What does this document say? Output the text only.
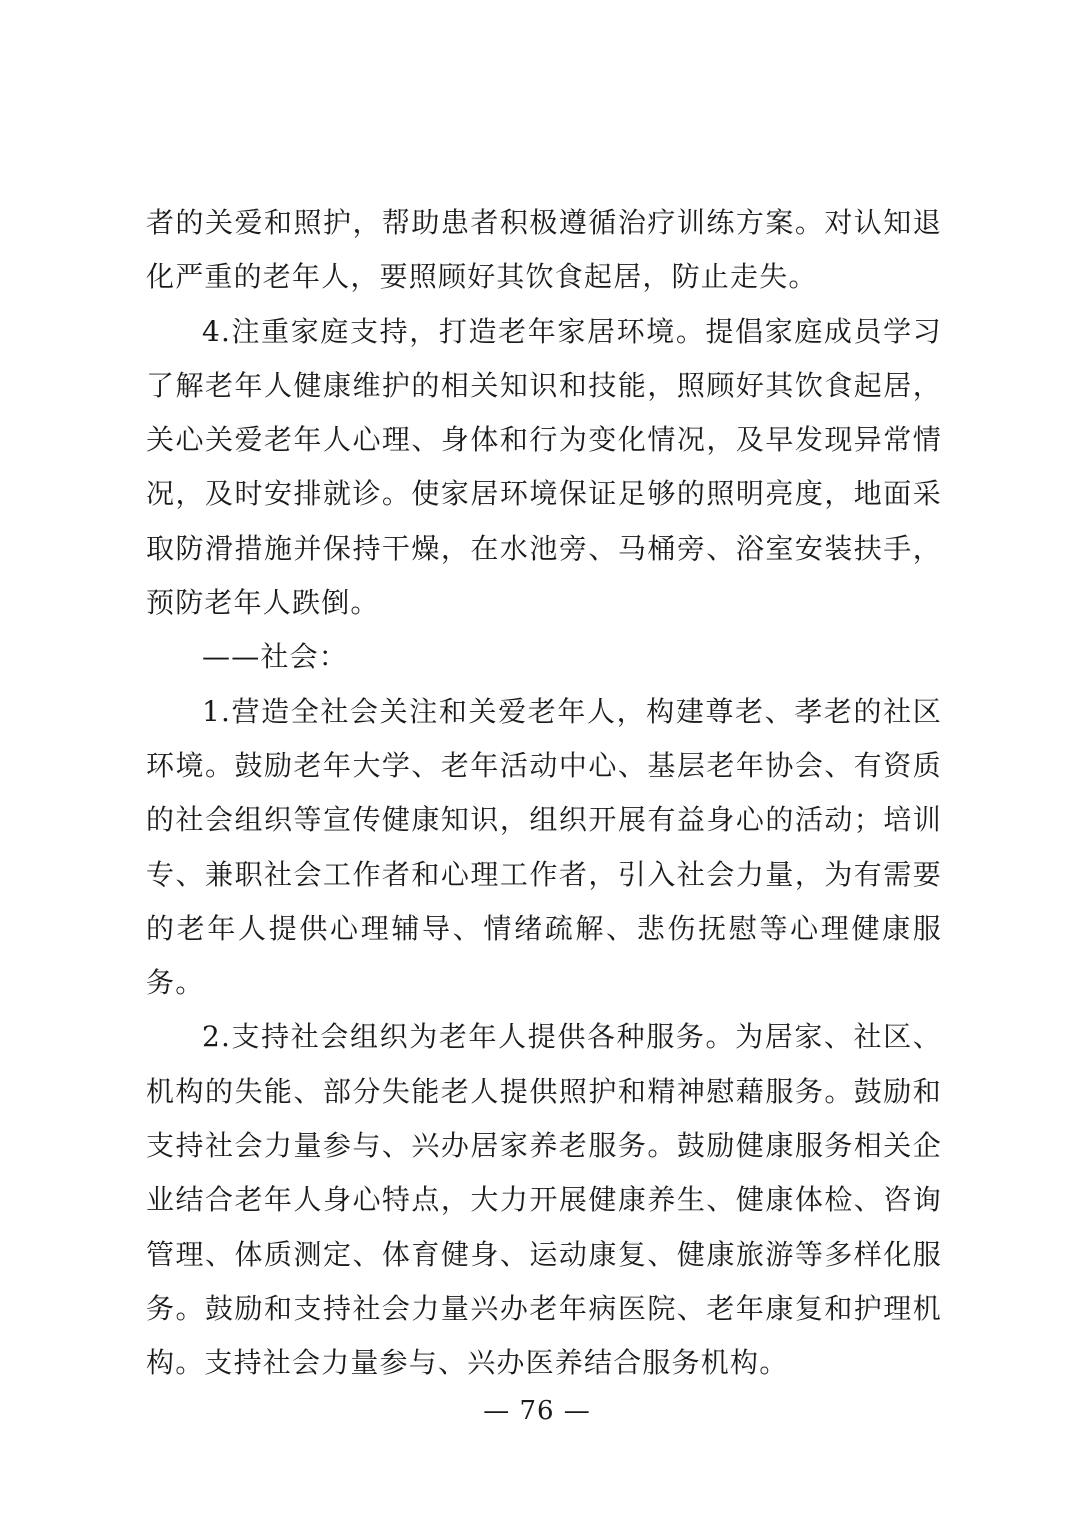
者的关爱和照护，帮助患者积极遵循治疗训练方案。对认知退化严重的老年人，要照顾好其饮食起居，防止走失。

4.注重家庭支持，打造老年家居环境。提倡家庭成员学习了解老年人健康维护的相关知识和技能，照顾好其饮食起居，关心关爱老年人心理、身体和行为变化情况，及早发现异常情况，及时安排就诊。使家居环境保证足够的照明亮度，地面采取防滑措施并保持干燥，在水池旁、马桶旁、浴室安装扶手，预防老年人跌倒。

——社会：

1.营造全社会关注和关爱老年人，构建尊老、孝老的社区环境。鼓励老年大学、老年活动中心、基层老年协会、有资质的社会组织等宣传健康知识，组织开展有益身心的活动；培训专、兼职社会工作者和心理工作者，引入社会力量，为有需要的老年人提供心理辅导、情绪疏解、悲伤抚慰等心理健康服务。

2.支持社会组织为老年人提供各种服务。为居家、社区、机构的失能、部分失能老人提供照护和精神慰藉服务。鼓励和支持社会力量参与、兴办居家养老服务。鼓励健康服务相关企业结合老年人身心特点，大力开展健康养生、健康体检、咨询管理、体质测定、体育健身、运动康复、健康旅游等多样化服务。鼓励和支持社会力量兴办老年病医院、老年康复和护理机构。支持社会力量参与、兴办医养结合服务机构。

— 76 —
